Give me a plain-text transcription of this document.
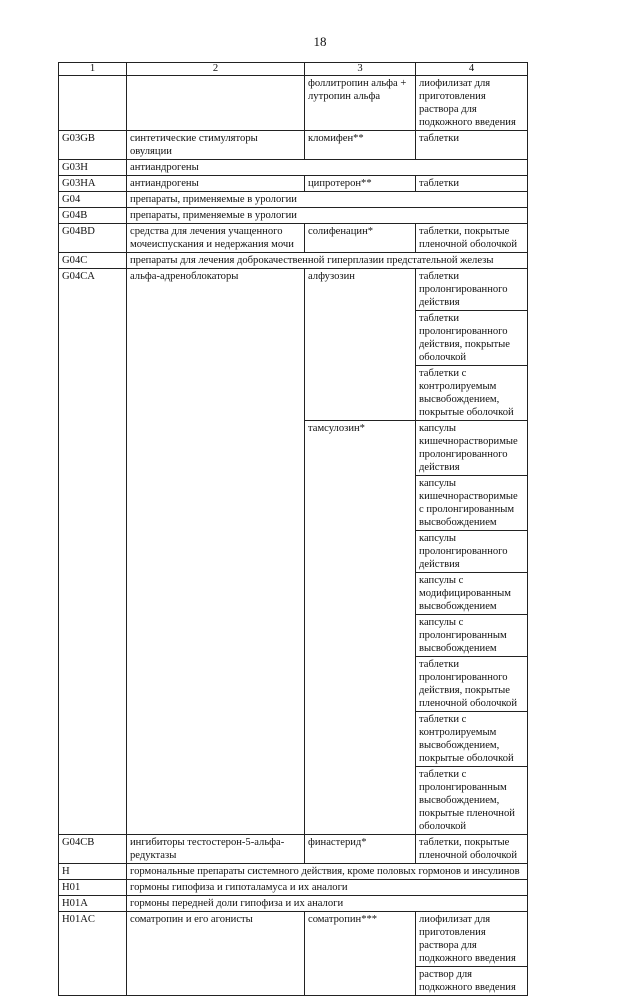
18
1	2	3	4
		фоллитропин альфа + лутропин альфа	лиофилизат для приготовления раствора для подкожного введения
G03GB	синтетические стимуляторы овуляции	кломифен**	таблетки
G03H	антиандрогены		
G03HA	антиандрогены	ципротерон**	таблетки
G04	препараты, применяемые в урологии		
G04B	препараты, применяемые в урологии		
G04BD	средства для лечения учащенного мочеиспускания и недержания мочи	солифенацин*	таблетки, покрытые пленочной оболочкой
G04C	препараты для лечения доброкачественной гиперплазии предстательной железы		
G04CA	альфа-адреноблокаторы	алфузозин	таблетки пролонгированного действия
			таблетки пролонгированного действия, покрытые оболочкой
			таблетки с контролируемым высвобождением, покрытые оболочкой
		тамсулозин*	капсулы кишечнорастворимые пролонгированного действия
			капсулы кишечнорастворимые с пролонгированным высвобождением
			капсулы пролонгированного действия
			капсулы с модифицированным высвобождением
			капсулы с пролонгированным высвобождением
			таблетки пролонгированного действия, покрытые пленочной оболочкой
			таблетки с контролируемым высвобождением, покрытые оболочкой
			таблетки с пролонгированным высвобождением, покрытые пленочной оболочкой
G04CB	ингибиторы тестостерон-5-альфа-редуктазы	финастерид*	таблетки, покрытые пленочной оболочкой
H	гормональные препараты системного действия, кроме половых гормонов и инсулинов		
H01	гормоны гипофиза и гипоталамуса и их аналоги		
H01A	гормоны передней доли гипофиза и их аналоги		
H01AC	соматропин и его агонисты	соматропин***	лиофилизат для приготовления раствора для подкожного введения
			раствор для подкожного введения
